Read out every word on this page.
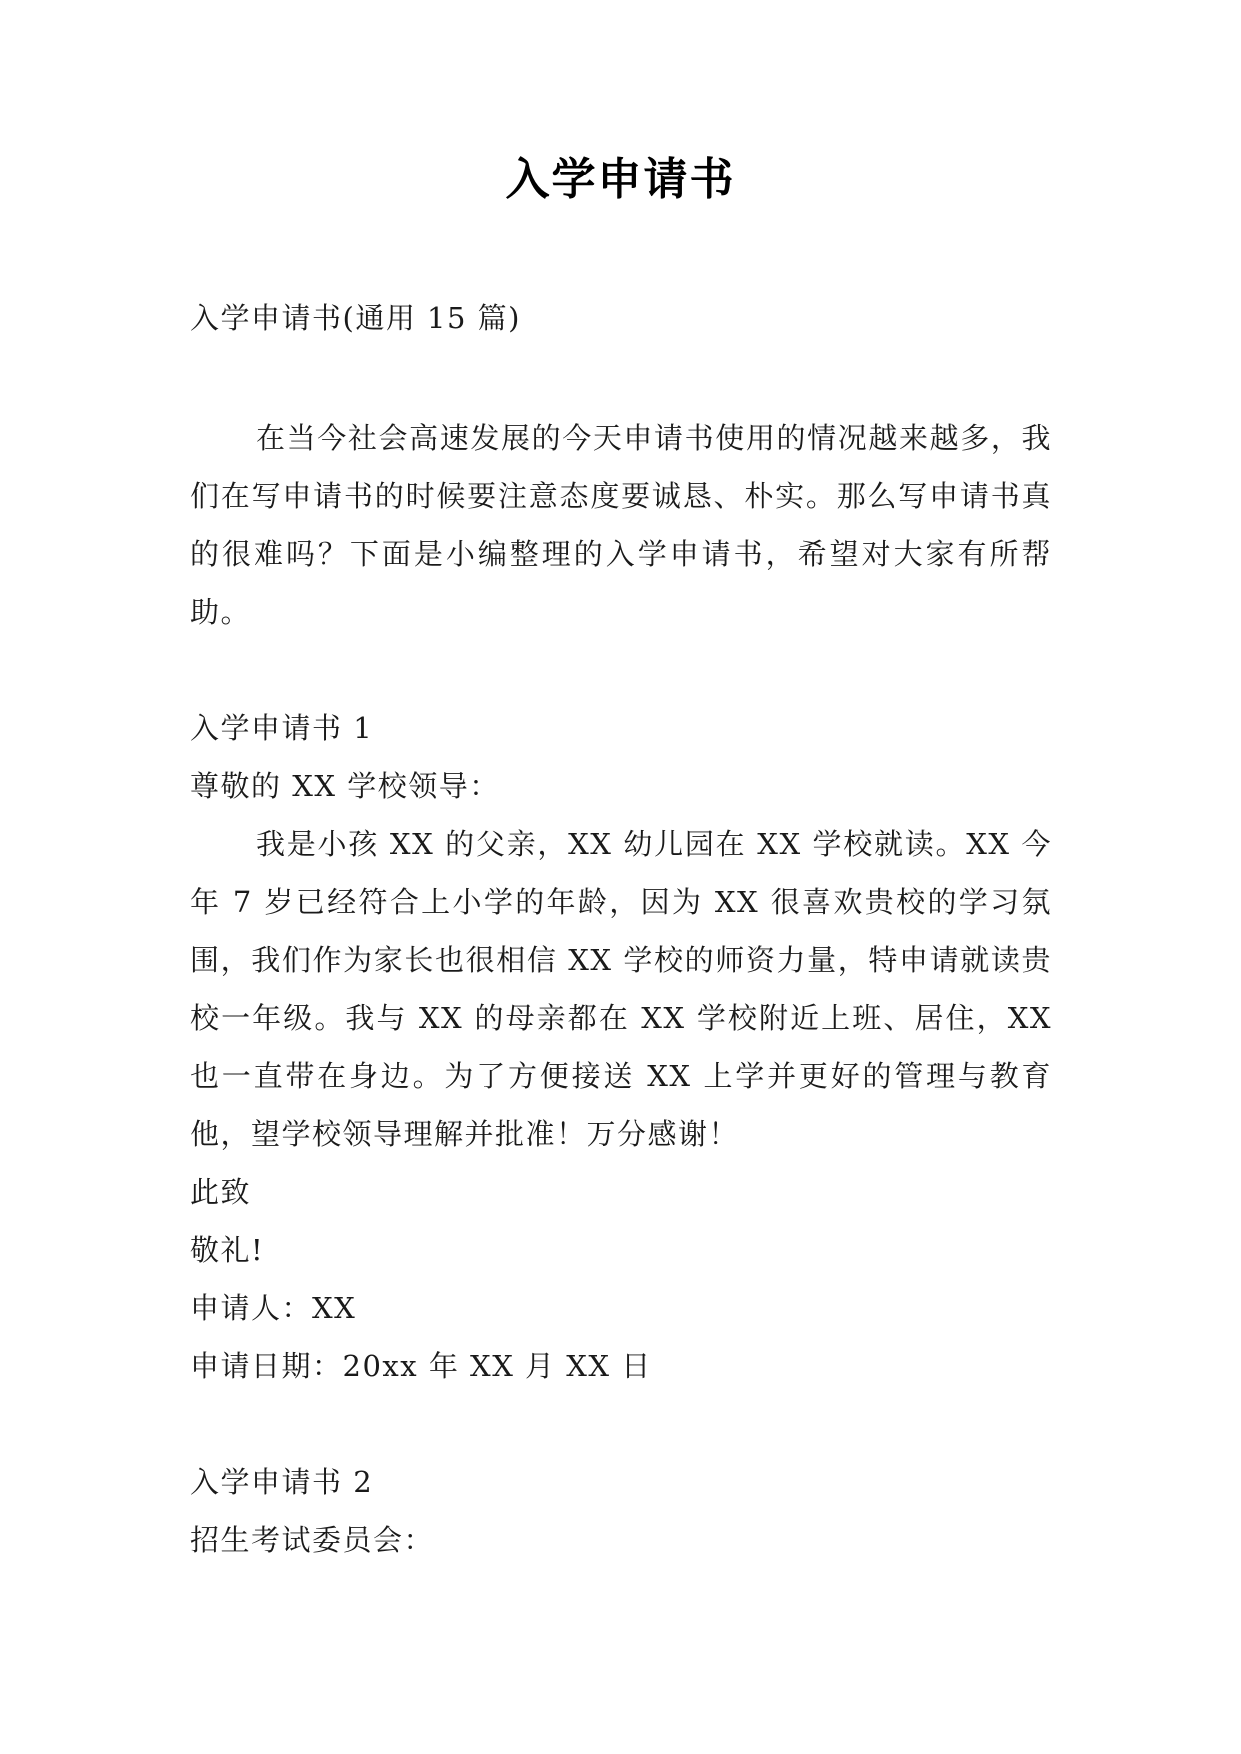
入学申请书

入学申请书(通用 15 篇)

在当今社会高速发展的今天申请书使用的情况越来越多，我们在写申请书的时候要注意态度要诚恳、朴实。那么写申请书真的很难吗？下面是小编整理的入学申请书，希望对大家有所帮助。

入学申请书 1

尊敬的 XX 学校领导：

我是小孩 XX 的父亲，XX 幼儿园在 XX 学校就读。XX 今年 7 岁已经符合上小学的年龄，因为 XX 很喜欢贵校的学习氛围，我们作为家长也很相信 XX 学校的师资力量，特申请就读贵校一年级。我与 XX 的母亲都在 XX 学校附近上班、居住，XX 也一直带在身边。为了方便接送 XX 上学并更好的管理与教育他，望学校领导理解并批准！万分感谢！

此致

敬礼!

申请人：XX

申请日期：20xx 年 XX 月 XX 日

入学申请书 2

招生考试委员会：
